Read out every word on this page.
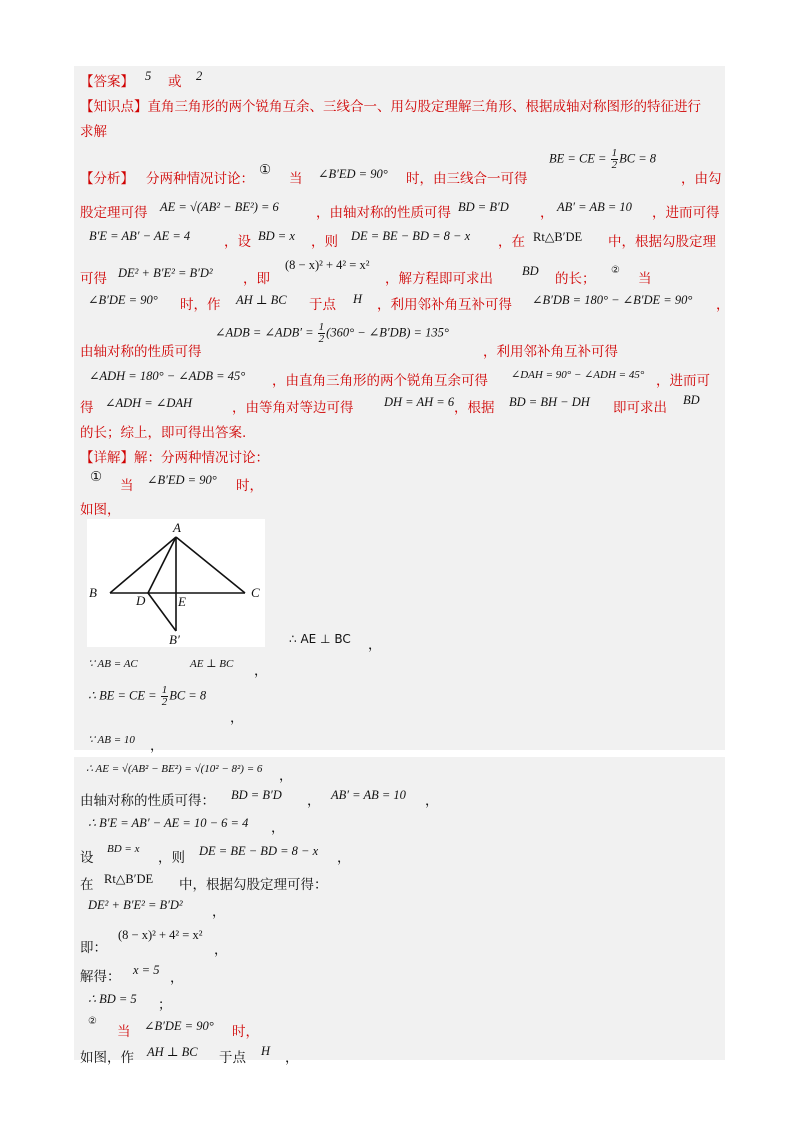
【答案】 5 或 2
【知识点】直角三角形的两个锐角互余、三线合一、用勾股定理解三角形、根据成轴对称图形的特征进行
求解
【分析】 分两种情况讨论：
①
当 ∠B′ED = 90° 时，由三线合一可得
BE = CE = $\frac{1}{2}$ BC = 8
，由勾
股定理可得 AE = √(AB² − BE²) = 6	，由轴对称的性质可得 BD = B′D ， AB′ = AB = 10 ，进而可得
B′E = AB′ − AE = 4	，设 BD = x ，则 DE = BE − BD = 8 − x ，在 Rt△B′DE 中，根据勾股定理
可得 DE² + B′E² = B′D² ，即
(8 − x)² + 4² = x²
，解方程即可求出 BD 的长；
②
当
∠B′DE = 90° 时，作 AH ⊥ BC 于点 H ，利用邻补角互补可得 ∠B′DB = 180° − ∠B′DE = 90° ，
∠ADB = ∠ADB′ = $\frac{1}{2} (360^\circ$ − ∠B′DB) = 135°
由轴对称的性质可得	，利用邻补角互补可得
∠ADH = 180° − ∠ADB = 45° ，由直角三角形的两个锐角互余可得 ∠DAH = 90° − ∠ADH = 45° ，进而可
得 ∠ADH = ∠DAH	，由等角对等边可得 DH = AH = 6 ，根据 BD = BH − DH 即可求出 BD
的长；综上，即可得出答案.
【详解】解：分两种情况讨论：
①
当 ∠B′ED = 90° 时，
如图，
A
B	C
D	E
B′	∴ AE ⊥ BC ，
∵ AB = AC	AE ⊥ BC ，
∴ BE = CE = $\frac{1}{2}$ BC = 8
，
∵ AB = 10 ，
∴ AE = √(AB² − BE²) = √(10² − 8²) = 6 ，
由轴对称的性质可得： BD = B′D ， AB′ = AB = 10 ，
∴ B′E = AB′ − AE = 10 − 6 = 4 ，
设
BD = x
，则 DE = BE − BD = 8 − x ，
在 Rt△B′DE 中，根据勾股定理可得：
DE² + B′E² = B′D² ，
即：
(8 − x)² + 4² = x²
，
解得： x = 5 ，
∴ BD = 5 ；
②
当 ∠B′DE = 90° 时，
如图，作 AH ⊥ BC 于点 H ，
